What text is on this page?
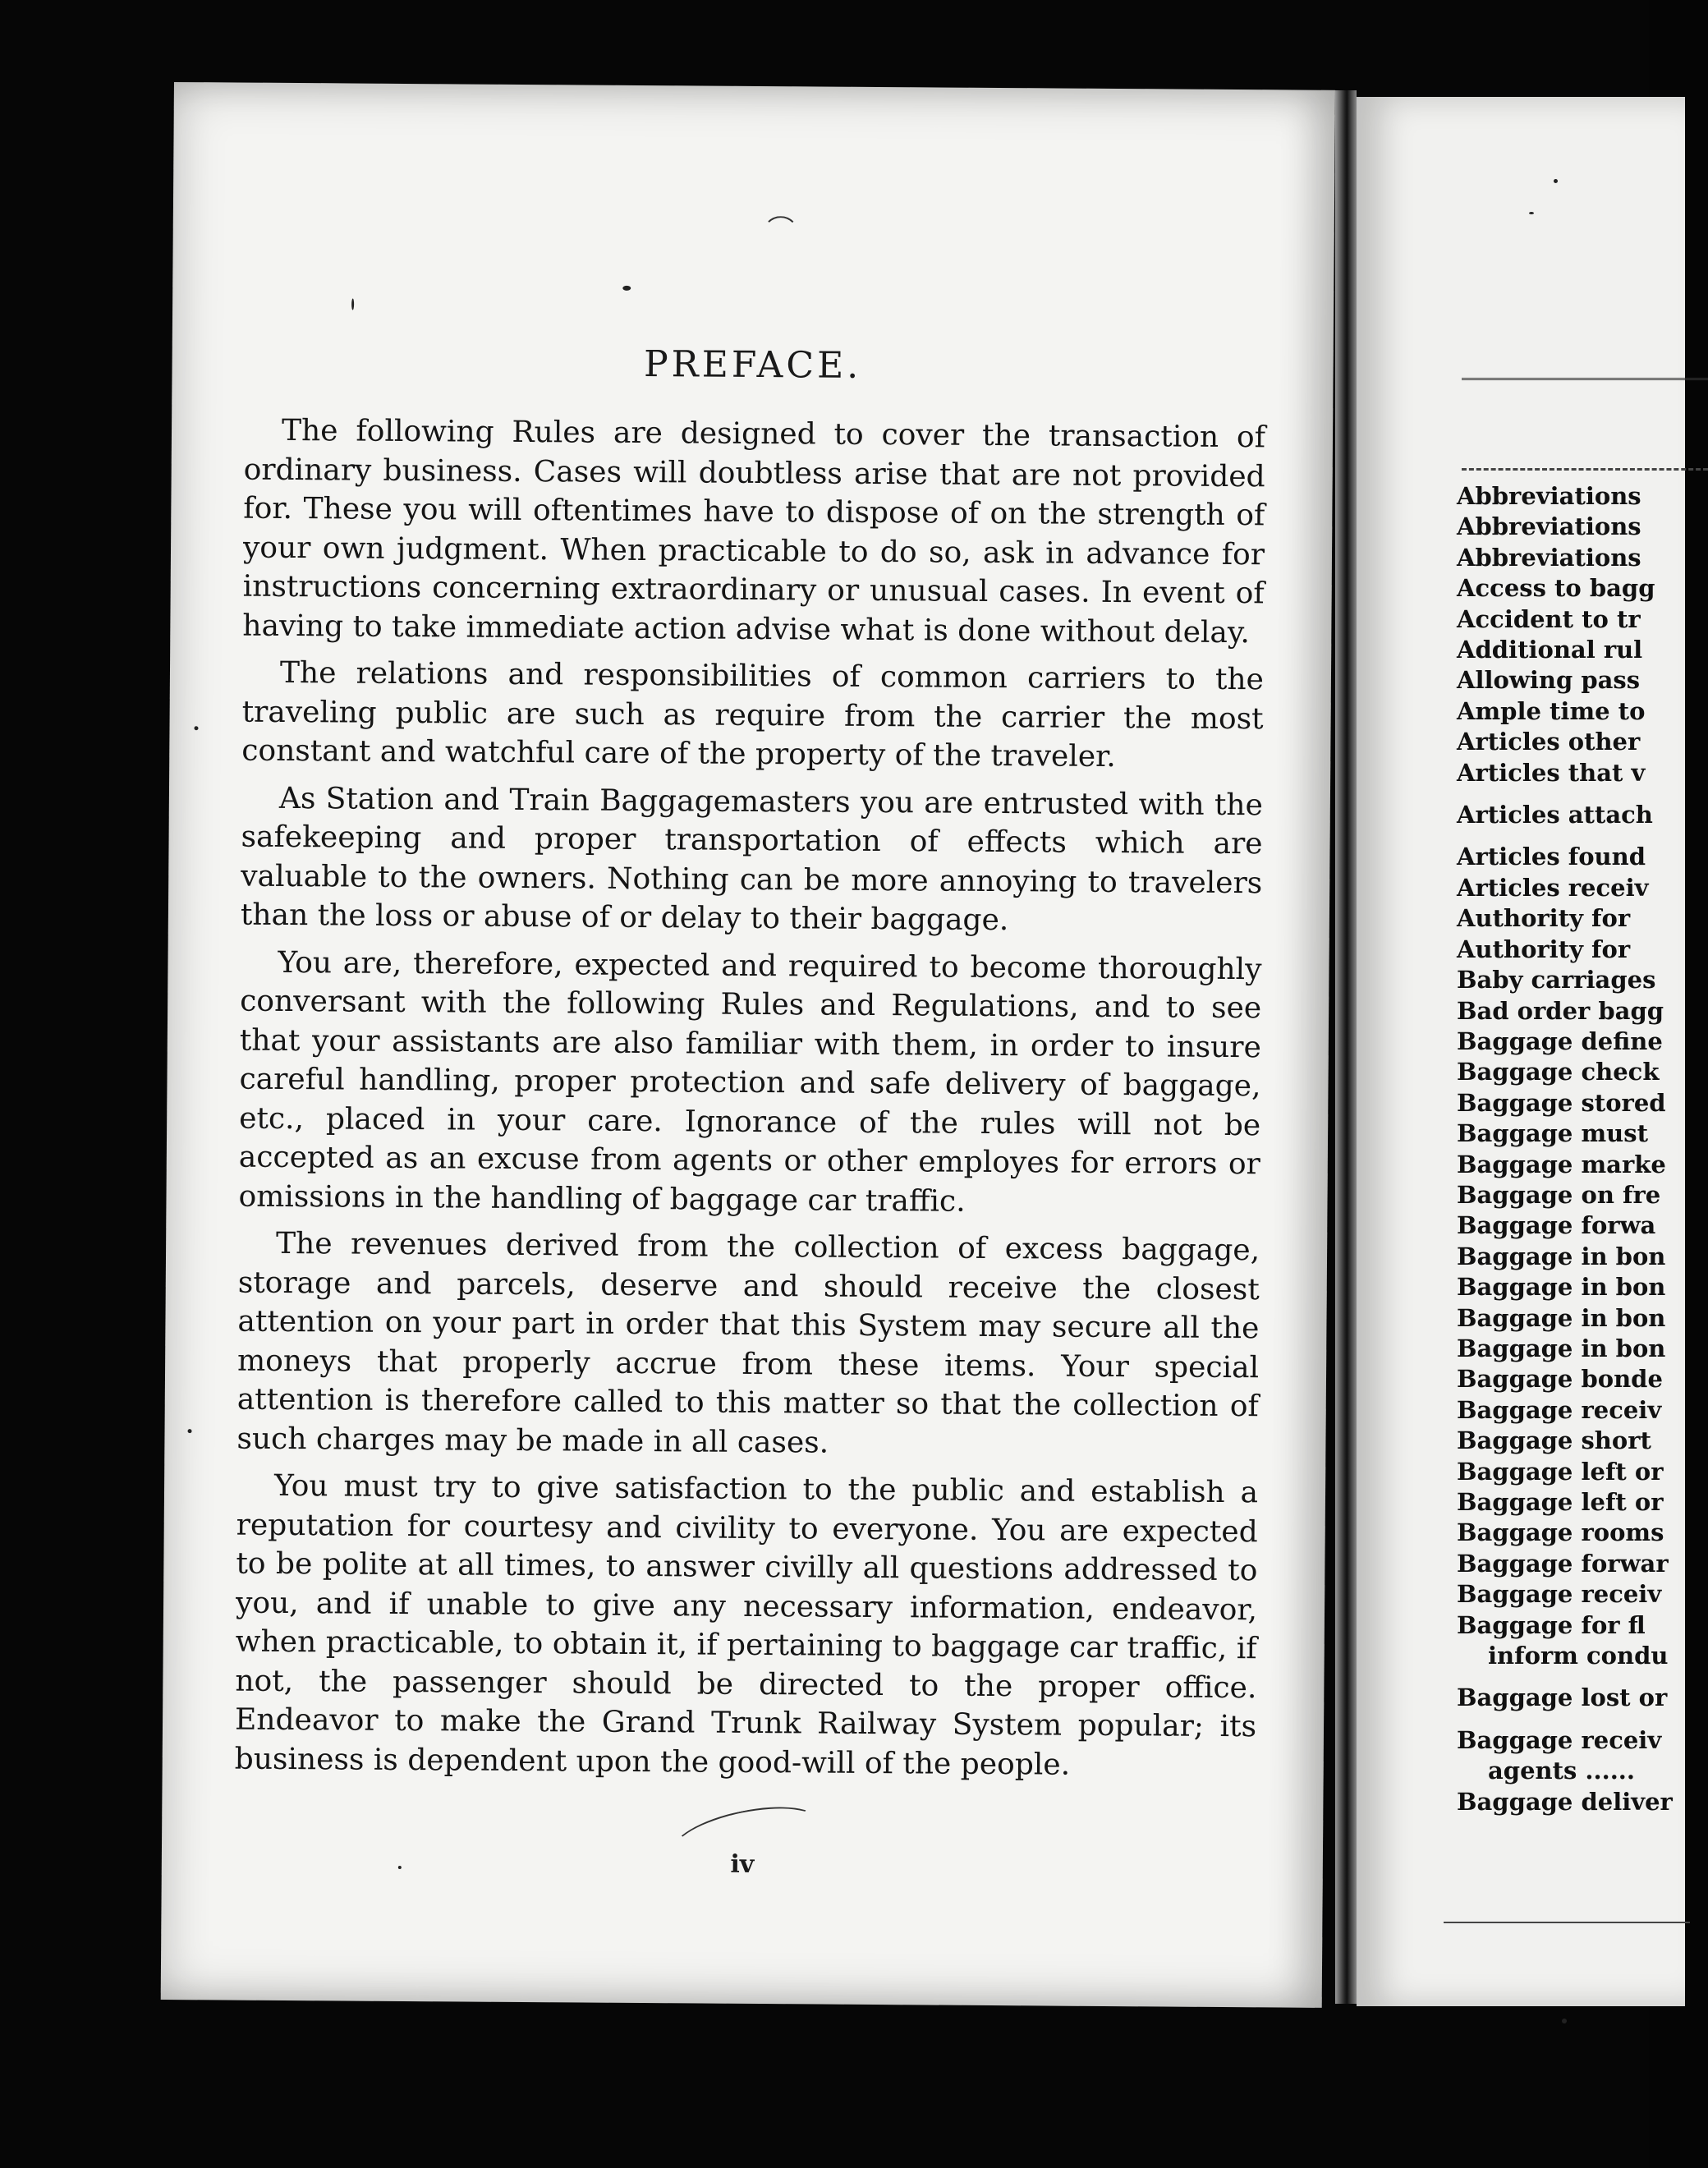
PREFACE.

The following Rules are designed to cover the transaction of ordinary business. Cases will doubtless arise that are not provided for. These you will oftentimes have to dispose of on the strength of your own judgment. When practicable to do so, ask in advance for instructions concerning extraordinary or unusual cases. In event of having to take immediate action advise what is done without delay.

The relations and responsibilities of common carriers to the traveling public are such as require from the carrier the most constant and watchful care of the property of the traveler.

As Station and Train Baggagemasters you are entrusted with the safekeeping and proper transportation of effects which are valuable to the owners. Nothing can be more annoying to travelers than the loss or abuse of or delay to their baggage.

You are, therefore, expected and required to become thoroughly conversant with the following Rules and Regulations, and to see that your assistants are also familiar with them, in order to insure careful handling, proper protection and safe delivery of baggage, etc., placed in your care. Ignorance of the rules will not be accepted as an excuse from agents or other employes for errors or omissions in the handling of baggage car traffic.

The revenues derived from the collection of excess baggage, storage and parcels, deserve and should receive the closest attention on your part in order that this System may secure all the moneys that properly accrue from these items. Your special attention is therefore called to this matter so that the collection of such charges may be made in all cases.

You must try to give satisfaction to the public and establish a reputation for courtesy and civility to everyone. You are expected to be polite at all times, to answer civilly all questions addressed to you, and if unable to give any necessary information, endeavor, when practicable, to obtain it, if pertaining to baggage car traffic, if not, the passenger should be directed to the proper office. Endeavor to make the Grand Trunk Railway System popular; its business is dependent upon the good-will of the people.

iv
Abbreviations
Abbreviations
Abbreviations
Access to bagg
Accident to tr
Additional rul
Allowing pass
Ample time to
Articles other
Articles that v
Articles attach
Articles found
Articles receiv
Authority for
Authority for
Baby carriages
Bad order bagg
Baggage define
Baggage check
Baggage stored
Baggage must
Baggage marke
Baggage on fre
Baggage forwa
Baggage in bon
Baggage in bon
Baggage in bon
Baggage in bon
Baggage bonde
Baggage receiv
Baggage short
Baggage left or
Baggage left or
Baggage rooms
Baggage forwar
Baggage receiv
Baggage for fl
inform condu
Baggage lost or
Baggage receiv
agents ......
Baggage deliver
